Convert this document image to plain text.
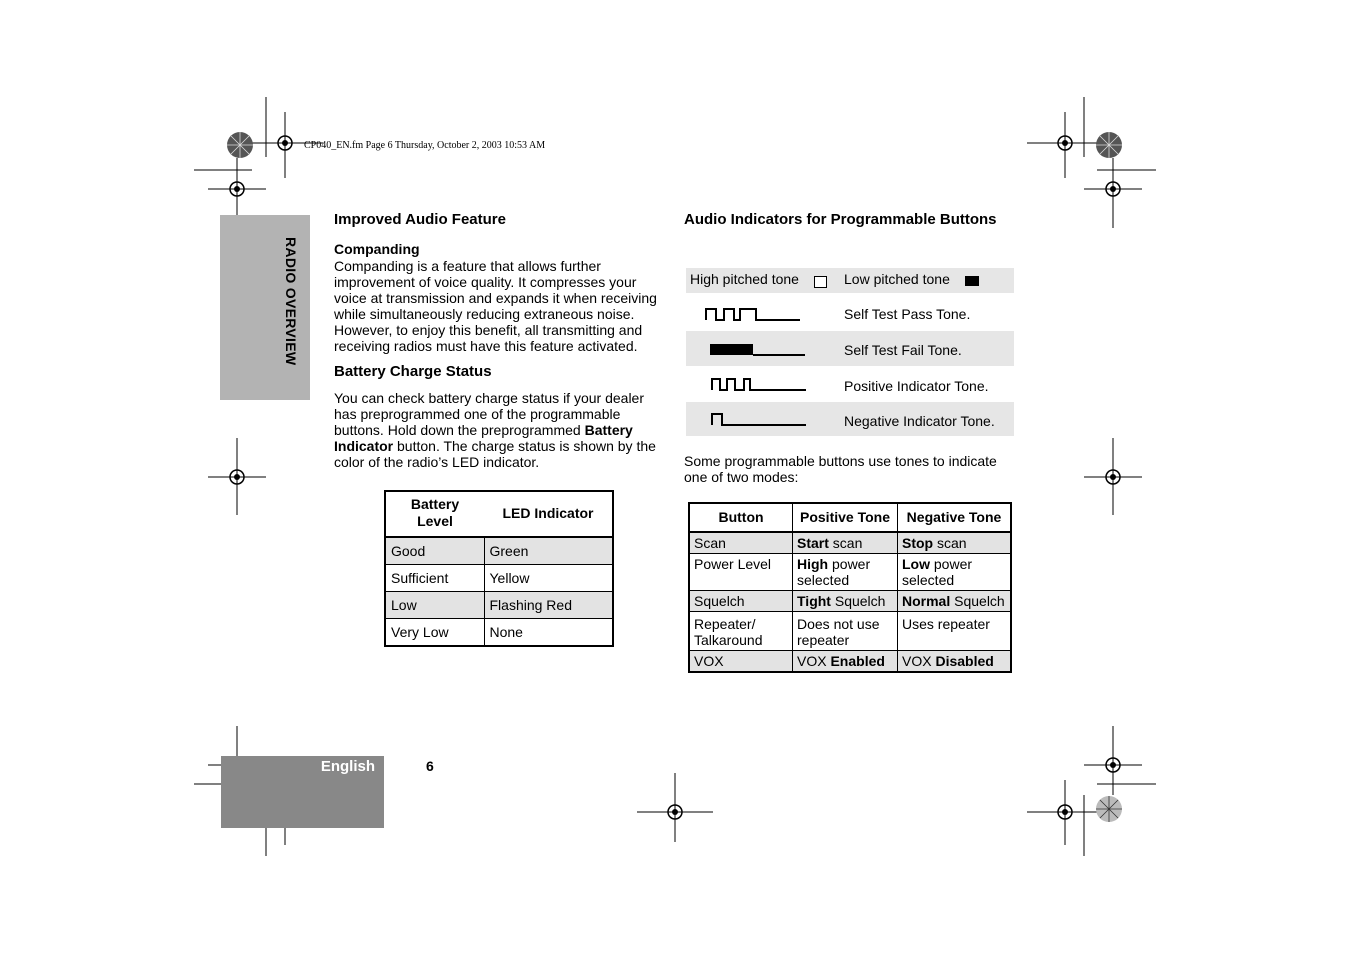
CP040_EN.fm Page 6 Thursday, October 2, 2003 10:53 AM
RADIO OVERVIEW
Improved Audio Feature
Companding
Companding is a feature that allows further improvement of voice quality. It compresses your voice at transmission and expands it when receiving while simultaneously reducing extraneous noise. However, to enjoy this benefit, all transmitting and receiving radios must have this feature activated.
Battery Charge Status
You can check battery charge status if your dealer has preprogrammed one of the programmable buttons. Hold down the preprogrammed Battery Indicator button. The charge status is shown by the color of the radio’s LED indicator.
Battery Level	LED Indicator
Good	Green
Sufficient	Yellow
Low	Flashing Red
Very Low	None
Audio Indicators for Programmable Buttons
High pitched tone	Low pitched tone
Self Test Pass Tone.
Self Test Fail Tone.
Positive Indicator Tone.
Negative Indicator Tone.
Some programmable buttons use tones to indicate one of two modes:
Button	Positive Tone	Negative Tone
Scan	Start scan	Stop scan
Power Level	High power selected	Low power selected
Squelch	Tight Squelch	Normal Squelch
Repeater/ Talkaround	Does not use repeater	Uses repeater
VOX	VOX Enabled	VOX Disabled
English	6
